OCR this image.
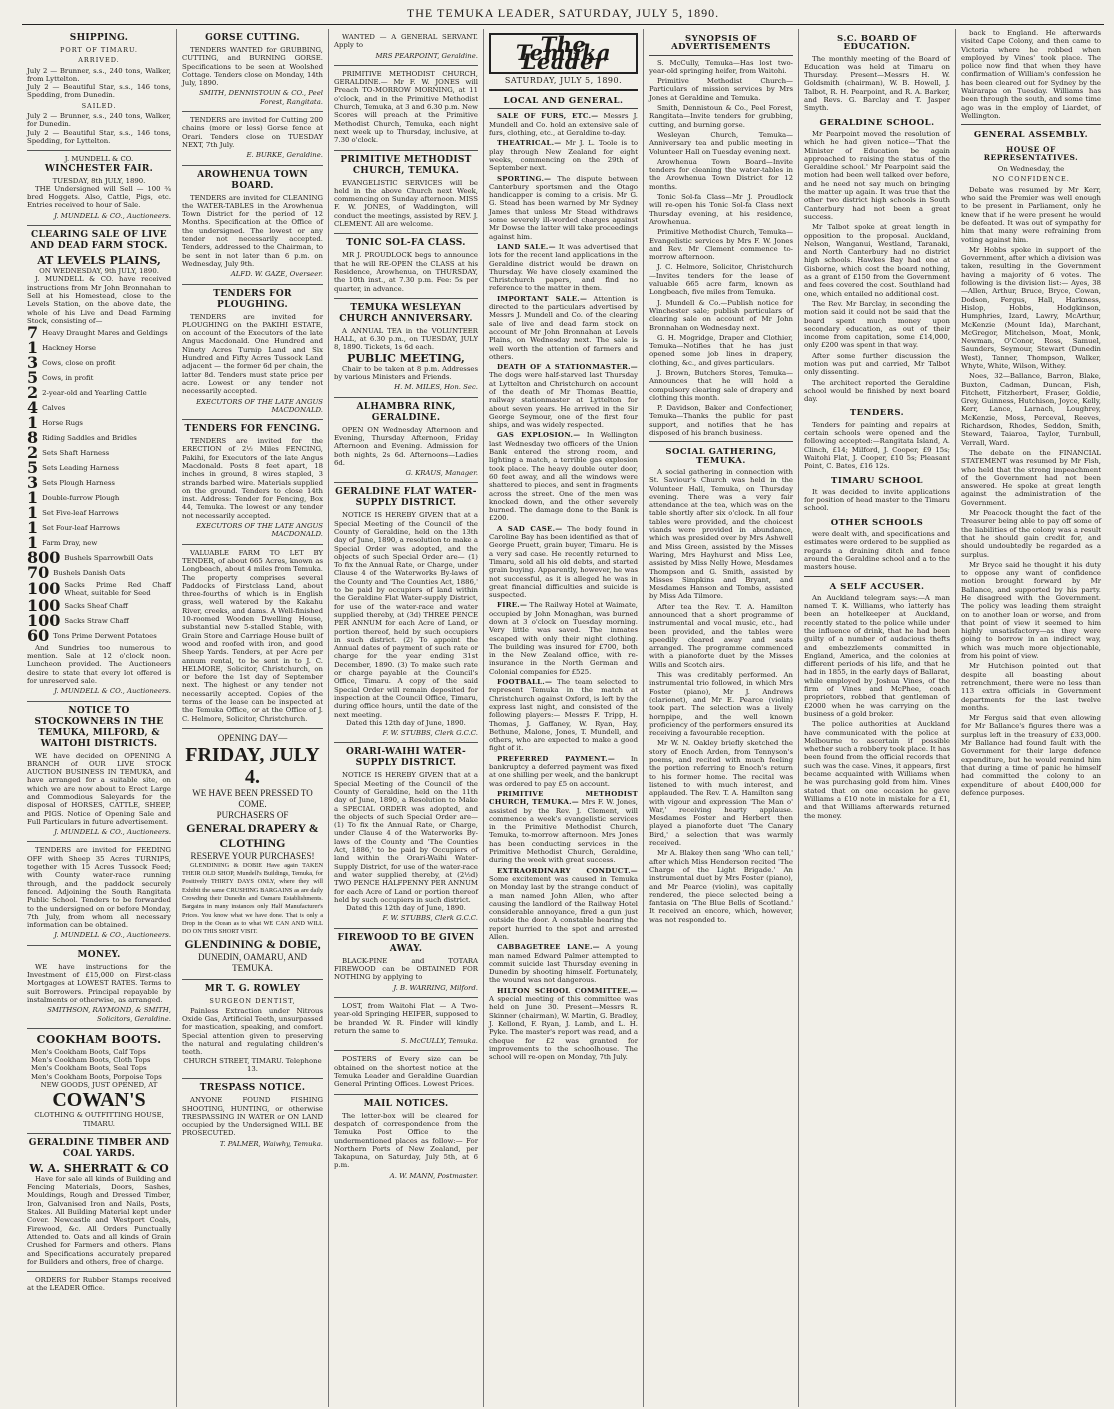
THE TEMUKA LEADER, SATURDAY, JULY 5, 1890.
SHIPPING.
PORT OF TIMARU.
ARRIVED.
July 2 — Brunner, s.s., 240 tons, Walker, from Lyttelton.
July 2 — Beautiful Star, s.s., 146 tons, Spedding, from Dunedin.
SAILED.
July 2 — Brunner, s.s., 240 tons, Walker, for Dunedin.
July 2 — Beautiful Star, s.s., 146 tons, Spedding, for Lyttelton.
J. MUNDELL & CO.
WINCHESTER FAIR.
TUESDAY, 8th JULY, 1890.
THE Undersigned will Sell — 100 ¾ bred Hoggets. Also, Cattle, Pigs, etc. Entries received to hour of Sale.
J. MUNDELL & CO., Auctioneers.
CLEARING SALE OF LIVE AND DEAD FARM STOCK.
AT LEVELS PLAINS,
ON WEDNESDAY, 9th JULY, 1890.
J. MUNDELL & CO. have received instructions from Mr John Bronnahan to Sell at his Homestead, close to the Levels Station, on the above date, the whole of his Live and Dead Farming Stock, consisting of—
7 Heavy Draught Mares and Geldings
1 Hackney Horse
3 Cows, close on profit
5 Cows, in profit
2 2-year-old and Yearling Cattle
4 Calves
1 Horse Rugs
8 Riding Saddles and Bridles
2 Sets Shaft Harness
5 Sets Leading Harness
3 Sets Plough Harness
1 Double-furrow Plough
1 Set Five-leaf Harrows
1 Set Four-leaf Harrows
1 Farm Dray, new
800 Bushels Sparrowbill Oats
70 Bushels Danish Oats
100 Sacks Prime Red Chaff Wheat, suitable for Seed
100 Sacks Sheaf Chaff
100 Sacks Straw Chaff
60 Tons Prime Derwent Potatoes
And Sundries too numerous to mention. Sale at 12 o'clock noon. Luncheon provided. The Auctioneers desire to state that every lot offered is for unreserved sale.
J. MUNDELL & CO., Auctioneers.
NOTICE TO STOCKOWNERS IN THE TEMUKA, MILFORD, & WAITOHI DISTRICTS.
WE have decided on OPENING A BRANCH of OUR LIVE STOCK AUCTION BUSINESS IN TEMUKA, and have arranged for a suitable site, on which we are now about to Erect Large and Commodious Saleyards for the disposal of HORSES, CATTLE, SHEEP, and PIGS. Notice of Opening Sale and Full Particulars in future advertisement.
J. MUNDELL & CO., Auctioneers.
TENDERS are invited for FEEDING OFF with Sheep 35 Acres TURNIPS, together with 15 Acres Tussock Feed; with County water-race running through, and the paddock securely fenced. Adjoining the South Rangitata Public School. Tenders to be forwarded to the undersigned on or before Monday, 7th July, from whom all necessary information can be obtained.
J. MUNDELL & CO., Auctioneers.
MONEY.
WE have instructions for the Investment of £15,000 on First-class Mortgages at LOWEST RATES. Terms to suit Borrowers. Principal repayable by instalments or otherwise, as arranged.
SMITHSON, RAYMOND, & SMITH, Solicitors, Geraldine.
COOKHAM BOOTS.
Men's Cookham Boots, Calf Tops
Men's Cookham Boots, Cloth Tops
Men's Cookham Boots, Seal Tops
Men's Cookham Boots, Porpoise Tops
NEW GOODS, JUST OPENED, AT
COWAN'S
CLOTHING & OUTFITTING HOUSE, TIMARU.
GERALDINE TIMBER AND COAL YARDS.
W. A. SHERRATT & CO
Have for sale all kinds of Building and Fencing Materials, Doors, Sashes, Mouldings, Rough and Dressed Timber, Iron, Galvanised Iron and Nails, Posts, Stakes. All Building Material kept under Cover. Newcastle and Westport Coals, Firewood, &c. All Orders Punctually Attended to. Oats and all kinds of Grain Crushed for Farmers and others. Plans and Specifications accurately prepared for Builders and others, free of charge.
ORDERS for Rubber Stamps received at the LEADER Office.
GORSE CUTTING.
TENDERS WANTED for GRUBBING, CUTTING, and BURNING GORSE. Specifications to be seen at Woolshed Cottage. Tenders close on Monday, 14th July, 1890.
SMITH, DENNISTOUN & CO., Peel Forest, Rangitata.
TENDERS are invited for Cutting 200 chains (more or less) Gorse fence at Orari. Tenders close on TUESDAY NEXT, 7th July.
E. BURKE, Geraldine.
AROWHENUA TOWN BOARD.
TENDERS are invited for CLEANING the WATER-TABLES in the Arowhenua Town District for the period of 12 Months. Specification at the Office of the undersigned. The lowest or any tender not necessarily accepted. Tenders, addressed to the Chairman, to be sent in not later than 6 p.m. on Wednesday, July 9th.
ALFD. W. GAZE, Overseer.
TENDERS FOR PLOUGHING.
TENDERS are invited for PLOUGHING on the PAKIHI ESTATE, on account of the Executors of the late Angus Macdonald. One Hundred and Ninety Acres Turnip Land and Six Hundred and Fifty Acres Tussock Land adjacent — the former 6d per chain, the latter 8d. Tenders must state price per acre. Lowest or any tender not necessarily accepted.
EXECUTORS OF THE LATE ANGUS MACDONALD.
TENDERS FOR FENCING.
TENDERS are invited for the ERECTION of 2½ Miles FENCING, Pakihi, for Executors of the late Angus Macdonald. Posts 8 feet apart, 18 inches in ground, 8 wires stapled, 3 strands barbed wire. Materials supplied on the ground. Tenders to close 14th inst. Address: Tender for Fencing, Box 44, Temuka. The lowest or any tender not necessarily accepted.
EXECUTORS OF THE LATE ANGUS MACDONALD.
VALUABLE FARM TO LET BY TENDER, of about 665 Acres, known as Longbeach, about 4 miles from Temuka. The property comprises several Paddocks of Firstclass Land, about three-fourths of which is in English grass, well watered by the Kakahu River, creeks, and dams. A Well-finished 10-roomed Wooden Dwelling House, substantial new 5-stalled Stable, with Grain Store and Carriage House built of wood and roofed with iron, and good Sheep Yards. Tenders, at per Acre per annum rental, to be sent in to J. C. HELMORE, Solicitor, Christchurch, on or before the 1st day of September next. The highest or any tender not necessarily accepted. Copies of the terms of the lease can be inspected at the Temuka Office, or at the Office of J. C. Helmore, Solicitor, Christchurch.
OPENING DAY—
FRIDAY, JULY 4.
WE HAVE BEEN PRESSED TO COME.
PURCHASERS OF
GENERAL DRAPERY & CLOTHING
RESERVE YOUR PURCHASES!
GLENDINING & DOBIE Have again TAKEN THEIR OLD SHOP, Mundell's Buildings, Temuka, for Positively THIRTY DAYS ONLY, where they will Exhibit the same CRUSHING BARGAINS as are daily Crowding their Dunedin and Oamaru Establishments. Bargains in many instances only Half Manufacturer's Prices. You know what we have done. That is only a Drop in the Ocean as to what WE CAN AND WILL DO ON THIS SHORT VISIT.
GLENDINING & DOBIE,
DUNEDIN, OAMARU, AND TEMUKA.
MR T. G. ROWLEY
SURGEON DENTIST,
Painless Extraction under Nitrous Oxide Gas, Artificial Teeth, unsurpassed for mastication, speaking, and comfort. Special attention given to preserving the natural and regulating children's teeth.
CHURCH STREET, TIMARU. Telephone 13.
TRESPASS NOTICE.
ANYONE FOUND FISHING SHOOTING, HUNTING, or otherwise TRESPASSING IN WATER or ON LAND occupied by the Undersigned WILL BE PROSECUTED.
T. PALMER, Waiwhy, Temuka.
WANTED — A GENERAL SERVANT. Apply to
MRS PEARPOINT, Geraldine.
PRIMITIVE METHODIST CHURCH, GERALDINE.— Mr F. W. JONES will Preach TO-MORROW MORNING, at 11 o'clock, and in the Primitive Methodist Church, Temuka, at 3 and 6.30 p.m. New Scores will preach at the Primitive Methodist Church, Temuka, each night next week up to Thursday, inclusive, at 7.30 o'clock.
PRIMITIVE METHODIST CHURCH, TEMUKA.
EVANGELISTIC SERVICES will be held in the above Church next Week, commencing on Sunday afternoon. MISS F. W. JONES, of Waddington, will conduct the meetings, assisted by REV. J. CLEMENT. All are welcome.
TONIC SOL-FA CLASS.
MR J. PROUDLOCK begs to announce that he will RE-OPEN the CLASS at his Residence, Arowhenua, on THURSDAY, the 10th inst., at 7.30 p.m. Fee: 5s per quarter, in advance.
TEMUKA WESLEYAN CHURCH ANNIVERSARY.
A ANNUAL TEA in the VOLUNTEER HALL, at 6.30 p.m., on TUESDAY, JULY 8, 1890. Tickets, 1s 6d each.
PUBLIC MEETING,
Chair to be taken at 8 p.m. Addresses by various Ministers and Friends.
H. M. MILES, Hon. Sec.
ALHAMBRA RINK, GERALDINE.
OPEN ON Wednesday Afternoon and Evening, Thursday Afternoon, Friday Afternoon and Evening. Admission for both nights, 2s 6d. Afternoons—Ladies 6d.
G. KRAUS, Manager.
GERALDINE FLAT WATER-SUPPLY DISTRICT.
NOTICE IS HEREBY GIVEN that at a Special Meeting of the Council of the County of Geraldine, held on the 13th day of June, 1890, a resolution to make a Special Order was adopted, and the objects of such Special Order are— (1) To fix the Annual Rate, or Charge, under Clause 4 of the Waterworks By-laws of the County and 'The Counties Act, 1886,' to be paid by occupiers of land within the Geraldine Flat Water-supply District, for use of the water-race and water supplied thereby, at (3d) THREE PENCE PER ANNUM for each Acre of Land, or portion thereof, held by such occupiers in such district. (2) To appoint the Annual dates of payment of such rate or charge for the year ending 31st December, 1890. (3) To make such rate or charge payable at the Council's Office, Timaru. A copy of the said Special Order will remain deposited for inspection at the Council Office, Timaru, during office hours, until the date of the next meeting.
Dated this 12th day of June, 1890.
F. W. STUBBS, Clerk G.C.C.
ORARI-WAIHI WATER-SUPPLY DISTRICT.
NOTICE IS HEREBY GIVEN that at a Special Meeting of the Council of the County of Geraldine, held on the 11th day of June, 1890, a Resolution to Make a SPECIAL ORDER was adopted, and the objects of such Special Order are— (1) To fix the Annual Rate, or Charge, under Clause 4 of the Waterworks By-laws of the County and 'The Counties Act, 1886,' to be paid by Occupiers of land within the Orari-Waihi Water-Supply District, for use of the water-race and water supplied thereby, at (2½d) TWO PENCE HALFPENNY PER ANNUM for each Acre of Land or portion thereof held by such occupiers in such district.
Dated this 12th day of June, 1890.
F. W. STUBBS, Clerk G.C.C.
FIREWOOD TO BE GIVEN AWAY.
BLACK-PINE and TOTARA FIREWOOD can be OBTAINED FOR NOTHING by applying to
J. B. WARRING, Milford.
LOST, from Waitohi Flat — A Two-year-old Springing HEIFER, supposed to be branded W. R. Finder will kindly return the same to
S. McCULLY, Temuka.
POSTERS of Every size can be obtained on the shortest notice at the Temuka Leader and Geraldine Guardian General Printing Offices. Lowest Prices.
MAIL NOTICES.
The letter-box will be cleared for despatch of correspondence from the Temuka Post Office to the undermentioned places as follow:— For Northern Ports of New Zealand, per Takapuna, on Saturday, July 5th, at 6 p.m.
A. W. MANN, Postmaster.
The Temuka Leader
SATURDAY, JULY 5, 1890.
LOCAL AND GENERAL.
SALE OF FURS, ETC.— Messrs J. Mundell and Co. hold an extensive sale of furs, clothing, etc., at Geraldine to-day.
THEATRICAL.— Mr J. L. Toole is to play through New Zealand for eight weeks, commencing on the 29th of September next.
SPORTING.— The dispute between Canterbury sportsmen and the Otago handicapper is coming to a crisis. Mr G. G. Stead has been warned by Mr Sydney James that unless Mr Stead withdraws some severely ill-worded charges against Mr Dowse the latter will take proceedings against him.
LAND SALE.— It was advertised that lots for the recent land applications in the Geraldine district would be drawn on Thursday. We have closely examined the Christchurch papers, and find no reference to the matter in them.
IMPORTANT SALE.— Attention is directed to the particulars advertised by Messrs J. Mundell and Co. of the clearing sale of live and dead farm stock on account of Mr John Bronnahan at Levels Plains, on Wednesday next. The sale is well worth the attention of farmers and others.
DEATH OF A STATIONMASTER.— The dogs were half-starved last Thursday at Lyttelton and Christchurch on account of the death of Mr Thomas Beattie, railway stationmaster at Lyttelton for about seven years. He arrived in the Sir George Seymour, one of the first four ships, and was widely respected.
GAS EXPLOSION.— In Wellington last Wednesday two officers of the Union Bank entered the strong room, and lighting a match, a terrible gas explosion took place. The heavy double outer door, 60 feet away, and all the windows were shattered to pieces, and sent in fragments across the street. One of the men was knocked down, and the other severely burned. The damage done to the Bank is £200.
A SAD CASE.— The body found in Caroline Bay has been identified as that of George Pruett, grain buyer, Timaru. He is a very sad case. He recently returned to Timaru, sold all his old debts, and started grain buying. Apparently, however, he was not successful, as it is alleged he was in great financial difficulties and suicide is suspected.
FIRE.— The Railway Hotel at Waimate, occupied by John Monaghan, was burned down at 3 o'clock on Tuesday morning. Very little was saved. The inmates escaped with only their night clothing. The building was insured for £700, both in the New Zealand office, with re-insurance in the North German and Colonial companies for £525.
FOOTBALL.— The team selected to represent Temuka in the match at Christchurch against Oxford, is left by the express last night, and consisted of the following players:— Messrs F. Tripp, H. Thomas, J. Gaffaney, W. Ryan, Hay, Bethune, Malone, Jones, T. Mundell, and others, who are expected to make a good fight of it.
PREFERRED PAYMENT.— In bankruptcy a deferred payment was fixed at one shilling per week, and the bankrupt was ordered to pay £5 on account.
PRIMITIVE METHODIST CHURCH, TEMUKA.— Mrs F. W. Jones, assisted by the Rev. J. Clement, will commence a week's evangelistic services in the Primitive Methodist Church, Temuka, to-morrow afternoon. Mrs Jones has been conducting services in the Primitive Methodist Church, Geraldine, during the week with great success.
EXTRAORDINARY CONDUCT.— Some excitement was caused in Temuka on Monday last by the strange conduct of a man named John Allen, who after causing the landlord of the Railway Hotel considerable annoyance, fired a gun just outside the door. A constable hearing the report hurried to the spot and arrested Allen.
CABBAGETREE LANE.— A young man named Edward Palmer attempted to commit suicide last Thursday evening in Dunedin by shooting himself. Fortunately, the wound was not dangerous.
HILTON SCHOOL COMMITTEE.— A special meeting of this committee was held on June 30. Present—Messrs R. Skinner (chairman), W. Martin, G. Bradley, J. Kellond, F. Ryan, J. Lamb, and L. H. Pyke. The master's report was read, and a cheque for £2 was granted for improvements to the schoolhouse. The school will re-open on Monday, 7th July.
SYNOPSIS OF ADVERTISEMENTS
S. McCully, Temuka—Has lost two-year-old springing heifer, from Waitohi.
Primitive Methodist Church—Particulars of mission services by Mrs Jones at Geraldine and Temuka.
Smith, Dennistoun & Co., Peel Forest, Rangitata—Invite tenders for grubbing, cutting, and burning gorse.
Wesleyan Church, Temuka—Anniversary tea and public meeting in Volunteer Hall on Tuesday evening next.
Arowhenua Town Board—Invite tenders for cleaning the water-tables in the Arowhenua Town District for 12 months.
Tonic Sol-fa Class—Mr J. Proudlock will re-open his Tonic Sol-fa Class next Thursday evening, at his residence, Arowhenua.
Primitive Methodist Church, Temuka—Evangelistic services by Mrs F. W. Jones and Rev. Mr Clement commence to-morrow afternoon.
J. C. Helmore, Solicitor, Christchurch—Invites tenders for the lease of valuable 665 acre farm, known as Longbeach, five miles from Temuka.
J. Mundell & Co.—Publish notice for Winchester sale; publish particulars of clearing sale on account of Mr John Bronnahan on Wednesday next.
G. H. Mogridge, Draper and Clothier, Temuka—Notifies that he has just opened some job lines in drapery, clothing, &c., and gives particulars.
J. Brown, Butchers Stores, Temuka—Announces that he will hold a compulsory clearing sale of drapery and clothing this month.
P. Davidson, Baker and Confectioner, Temuka—Thanks the public for past support, and notifies that he has disposed of his branch business.
SOCIAL GATHERING, TEMUKA.
A social gathering in connection with St. Saviour's Church was held in the Volunteer Hall, Temuka, on Thursday evening. There was a very fair attendance at the tea, which was on the table shortly after six o'clock. In all four tables were provided, and the choicest viands were provided in abundance, which was presided over by Mrs Ashwell and Miss Green, assisted by the Misses Waring, Mrs Hayhurst and Miss Lee, assisted by Miss Nelly Howe, Mesdames Thompson and G. Smith, assisted by Misses Simpkins and Bryant, and Mesdames Hanson and Tombs, assisted by Miss Ada Tilmore.
After tea the Rev. T. A. Hamilton announced that a short programme of instrumental and vocal music, etc., had been provided, and the tables were speedily cleared away and seats arranged. The programme commenced with a pianoforte duet by the Misses Wills and Scotch airs.
This was creditably performed. An instrumental trio followed, in which Mrs Foster (piano), Mr J. Andrews (clarionet), and Mr E. Pearce (violin) took part. The selection was a lively hornpipe, and the well known proficiency of the performers ensured its receiving a favourable reception.
Mr W. N. Oakley briefly sketched the story of Enoch Arden, from Tennyson's poems, and recited with much feeling the portion referring to Enoch's return to his former home. The recital was listened to with much interest, and applauded. The Rev. T. A. Hamilton sang with vigour and expression 'The Man o' War,' receiving hearty applause. Mesdames Foster and Herbert then played a pianoforte duet 'The Canary Bird,' a selection that was warmly received.
Mr A. Blakey then sang 'Who can tell,' after which Miss Henderson recited 'The Charge of the Light Brigade.' An instrumental duet by Mrs Foster (piano), and Mr Pearce (violin), was capitally rendered, the piece selected being a fantasia on 'The Blue Bells of Scotland.' It received an encore, which, however, was not responded to.
S.C. BOARD OF EDUCATION.
The monthly meeting of the Board of Education was held at Timaru on Thursday. Present—Messrs H. W. Goldsmith (chairman), W. B. Howell, J. Talbot, R. H. Pearpoint, and R. A. Barker, and Revs. G. Barclay and T. Jasper Smyth.
GERALDINE SCHOOL.
Mr Pearpoint moved the resolution of which he had given notice—'That the Minister of Education be again approached to raising the status of the Geraldine school.' Mr Pearpoint said the motion had been well talked over before, and he need not say much on bringing the matter up again. It was true that the other two district high schools in South Canterbury had not been a great success.
Mr Talbot spoke at great length in opposition to the proposal. Auckland, Nelson, Wanganui, Westland, Taranaki, and North Canterbury had no district high schools. Hawkes Bay had one at Gisborne, which cost the board nothing, as a grant of £150 from the Government and fees covered the cost. Southland had one, which entailed no additional cost.
The Rev. Mr Barclay, in seconding the motion said it could not be said that the board spent much money upon secondary education, as out of their income from capitation, some £14,000, only £200 was spent in that way.
After some further discussion the motion was put and carried, Mr Talbot only dissenting.
The architect reported the Geraldine school would be finished by next board day.
TENDERS.
Tenders for painting and repairs at certain schools were opened and the following accepted:—Rangitata Island, A. Clinch, £14; Milford, J. Cooper, £9 15s; Waitohi Flat, J. Cooper, £10 5s; Pleasant Point, C. Bates, £16 12s.
TIMARU SCHOOL
It was decided to invite applications for position of head master to the Timaru school.
OTHER SCHOOLS
were dealt with, and specifications and estimates were ordered to be supplied as regards a draining ditch and fence around the Geraldine school and a to the masters house.
A SELF ACCUSER.
An Auckland telegram says:—A man named T. K. Williams, who latterly has been an hotelkeeper at Auckland, recently stated to the police while under the influence of drink, that he had been guilty of a number of audacious thefts and embezzlements committed in England, America, and the colonies at different periods of his life, and that he had in 1855, in the early days of Ballarat, while employed by Joshua Vines, of the firm of Vines and McPhee, coach proprietors, robbed that gentleman of £2000 when he was carrying on the business of a gold broker.
The police authorities at Auckland have communicated with the police at Melbourne to ascertain if possible whether such a robbery took place. It has been found from the official records that such was the case. Vines, it appears, first became acquainted with Williams when he was purchasing gold from him. Vines stated that on one occasion he gave Williams a £10 note in mistake for a £1, and that Williams afterwards returned the money.
back to England. He afterwards visited Cape Colony, and then came to Victoria where he robbed when employed by Vines' took place. The police now find that when they have confirmation of William's confession he has been cleared out for Sydney by the Wairarapa on Tuesday. Williams has been through the south, and some time ago was in the employ of Liardet, of Wellington.
GENERAL ASSEMBLY.
HOUSE OF REPRESENTATIVES.
On Wednesday, the
NO CONFIDENCE.
Debate was resumed by Mr Kerr, who said the Premier was well enough to be present in Parliament, only he knew that if he were present he would be defeated. It was out of sympathy for him that many were refraining from voting against him.
Mr Hobbs spoke in support of the Government, after which a division was taken, resulting in the Government having a majority of 6 votes. The following is the division list:— Ayes, 38—Allen, Arthur, Bruce, Bryce, Cowan, Dodson, Fergus, Hall, Harkness, Hislop, Hobbs, Hodgkinson, Humphries, Izard, Lawry, McArthur, McKenzie (Mount Ida), Marchant, McGregor, Mitchelson, Moat, Monk, Newman, O'Conor, Ross, Samuel, Saunders, Seymour, Stewart (Dunedin West), Tanner, Thompson, Walker, Whyte, White, Wilson, Withey.
Noes, 32—Ballance, Barron, Blake, Buxton, Cadman, Duncan, Fish, Fitchett, Fitzherbert, Fraser, Goldie, Grey, Guinness, Hutchison, Joyce, Kelly, Kerr, Lance, Larnach, Loughrey, McKenzie, Moss, Perceval, Reeves, Richardson, Rhodes, Seddon, Smith, Steward, Taiaroa, Taylor, Turnbull, Verrall, Ward.
The debate on the FINANCIAL STATEMENT was resumed by Mr Fish, who held that the strong impeachment of the Government had not been answered. He spoke at great length against the administration of the Government.
Mr Peacock thought the fact of the Treasurer being able to pay off some of the liabilities of the colony was a result that he should gain credit for, and should undoubtedly be regarded as a surplus.
Mr Bryce said he thought it his duty to oppose any want of confidence motion brought forward by Mr Ballance, and supported by his party. He disagreed with the Government. The policy was leading them straight on to another loan or worse, and from that point of view it seemed to him highly unsatisfactory—as they were going to borrow in an indirect way, which was much more objectionable, from his point of view.
Mr Hutchison pointed out that despite all boasting about retrenchment, there were no less than 113 extra officials in Government departments for the last twelve months.
Mr Fergus said that even allowing for Mr Ballance's figures there was a surplus left in the treasury of £33,000. Mr Ballance had found fault with the Government for their large defence expenditure, but he would remind him that during a time of panic he himself had committed the colony to an expenditure of about £400,000 for defence purposes.
